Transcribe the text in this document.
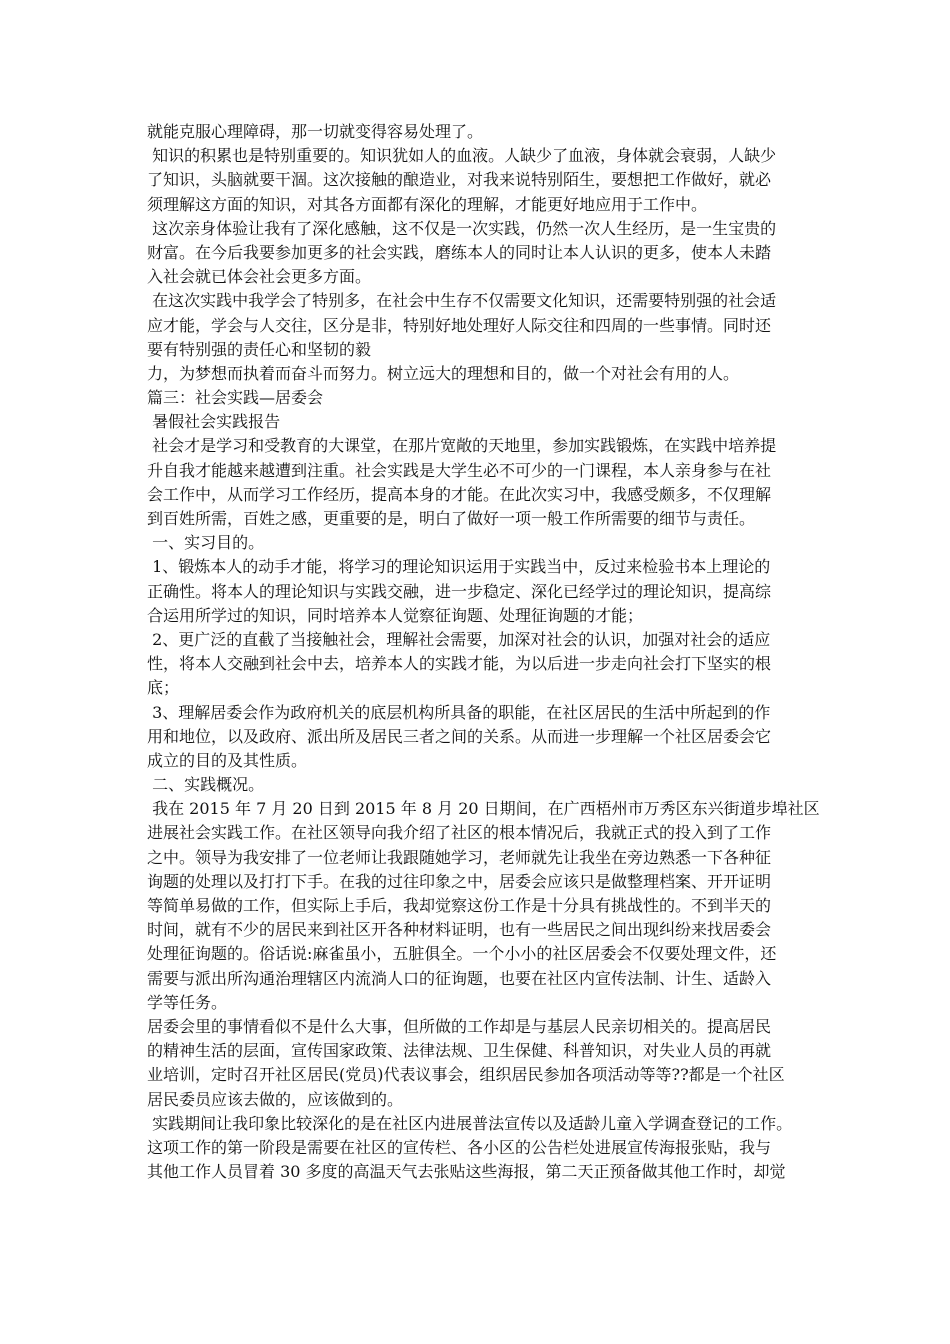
就能克服心理障碍，那一切就变得容易处理了。
知识的积累也是特别重要的。知识犹如人的血液。人缺少了血液，身体就会衰弱，人缺少
了知识，头脑就要干涸。这次接触的酿造业，对我来说特别陌生，要想把工作做好，就必
须理解这方面的知识，对其各方面都有深化的理解，才能更好地应用于工作中。
这次亲身体验让我有了深化感触，这不仅是一次实践，仍然一次人生经历，是一生宝贵的
财富。在今后我要参加更多的社会实践，磨练本人的同时让本人认识的更多，使本人未踏
入社会就已体会社会更多方面。
在这次实践中我学会了特别多，在社会中生存不仅需要文化知识，还需要特别强的社会适
应才能，学会与人交往，区分是非，特别好地处理好人际交往和四周的一些事情。同时还
要有特别强的责任心和坚韧的毅
力，为梦想而执着而奋斗而努力。树立远大的理想和目的，做一个对社会有用的人。
篇三：社会实践—居委会
暑假社会实践报告
社会才是学习和受教育的大课堂，在那片宽敞的天地里，参加实践锻炼，在实践中培养提
升自我才能越来越遭到注重。社会实践是大学生必不可少的一门课程，本人亲身参与在社
会工作中，从而学习工作经历，提高本身的才能。在此次实习中，我感受颇多，不仅理解
到百姓所需，百姓之感，更重要的是，明白了做好一项一般工作所需要的细节与责任。
一、实习目的。
1、锻炼本人的动手才能，将学习的理论知识运用于实践当中，反过来检验书本上理论的
正确性。将本人的理论知识与实践交融，进一步稳定、深化已经学过的理论知识，提高综
合运用所学过的知识，同时培养本人觉察征询题、处理征询题的才能；
2、更广泛的直截了当接触社会，理解社会需要，加深对社会的认识，加强对社会的适应
性，将本人交融到社会中去，培养本人的实践才能，为以后进一步走向社会打下坚实的根
底；
3、理解居委会作为政府机关的底层机构所具备的职能，在社区居民的生活中所起到的作
用和地位，以及政府、派出所及居民三者之间的关系。从而进一步理解一个社区居委会它
成立的目的及其性质。
二、实践概况。
我在 2015 年 7 月 20 日到 2015 年 8 月 20 日期间，在广西梧州市万秀区东兴街道步埠社区
进展社会实践工作。在社区领导向我介绍了社区的根本情况后，我就正式的投入到了工作
之中。领导为我安排了一位老师让我跟随她学习，老师就先让我坐在旁边熟悉一下各种征
询题的处理以及打打下手。在我的过往印象之中，居委会应该只是做整理档案、开开证明
等简单易做的工作，但实际上手后，我却觉察这份工作是十分具有挑战性的。不到半天的
时间，就有不少的居民来到社区开各种材料证明，也有一些居民之间出现纠纷来找居委会
处理征询题的。俗话说:麻雀虽小，五脏俱全。一个小小的社区居委会不仅要处理文件，还
需要与派出所沟通治理辖区内流淌人口的征询题，也要在社区内宣传法制、计生、适龄入
学等任务。
居委会里的事情看似不是什么大事，但所做的工作却是与基层人民亲切相关的。提高居民
的精神生活的层面，宣传国家政策、法律法规、卫生保健、科普知识，对失业人员的再就
业培训，定时召开社区居民(党员)代表议事会，组织居民参加各项活动等等??都是一个社区
居民委员应该去做的，应该做到的。
实践期间让我印象比较深化的是在社区内进展普法宣传以及适龄儿童入学调查登记的工作。
这项工作的第一阶段是需要在社区的宣传栏、各小区的公告栏处进展宣传海报张贴，我与
其他工作人员冒着 30 多度的高温天气去张贴这些海报，第二天正预备做其他工作时，却觉
